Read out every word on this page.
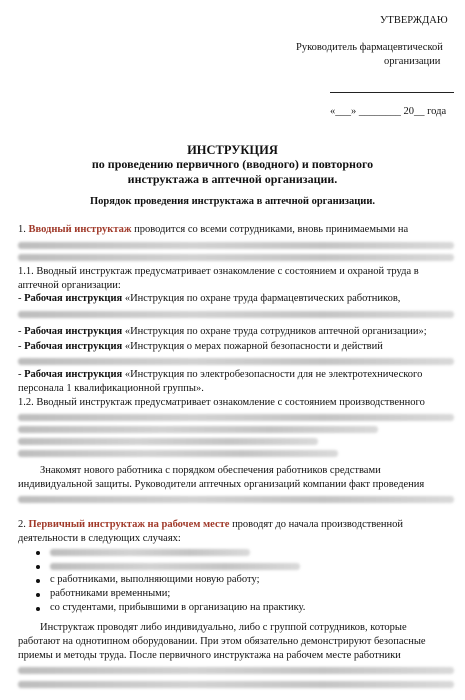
УТВЕРЖДАЮ
Руководитель фармацевтической
организации
«___» ________ 20__ года
ИНСТРУКЦИЯ
по проведению первичного (вводного) и повторного
инструктажа в аптечной организации.
Порядок проведения инструктажа в аптечной организации.
1. Вводный инструктаж проводится со всеми сотрудниками, вновь принимаемыми на
1.1. Вводный инструктаж предусматривает ознакомление с состоянием и охраной труда в
аптечной организации:
- Рабочая инструкция «Инструкция по охране труда фармацевтических работников,
- Рабочая инструкция «Инструкция по охране труда сотрудников аптечной организации»;
- Рабочая инструкция «Инструкция о мерах пожарной безопасности и действий
- Рабочая инструкция «Инструкция по электробезопасности для не электротехнического
персонала 1 квалификационной группы».
1.2. Вводный инструктаж предусматривает ознакомление с состоянием производственного
Знакомят нового работника с порядком обеспечения работников средствами
индивидуальной защиты. Руководители аптечных организаций компании факт проведения
2. Первичный инструктаж на рабочем месте проводят до начала производственной
деятельности в следующих случаях:
с работниками, выполняющими новую работу;
работниками временными;
со студентами, прибывшими в организацию на практику.
Инструктаж проводят либо индивидуально, либо с группой сотрудников, которые
работают на однотипном оборудовании. При этом обязательно демонстрируют безопасные
приемы и методы труда. После первичного инструктажа на рабочем месте работники
